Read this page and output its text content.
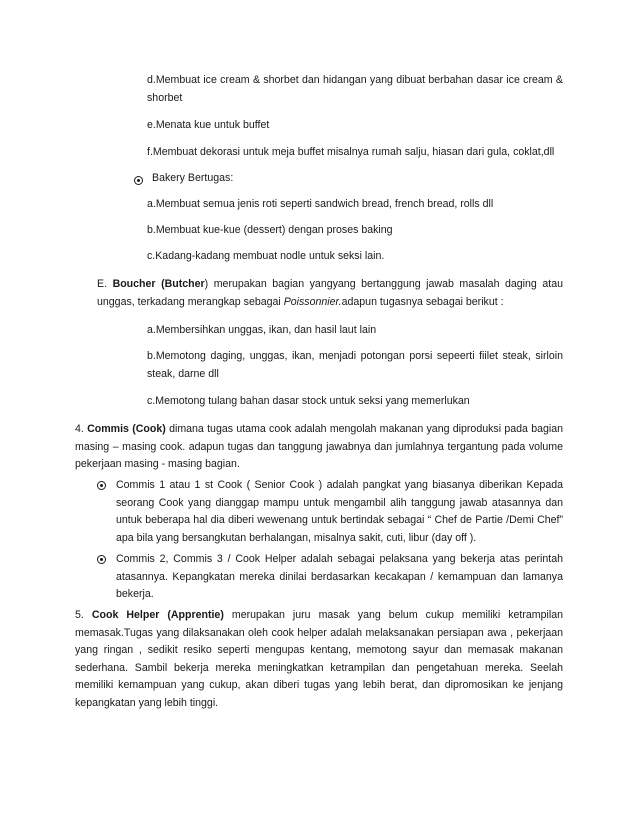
d.Membuat ice cream & shorbet dan hidangan yang dibuat berbahan dasar ice cream & shorbet

e.Menata kue untuk buffet

f.Membuat dekorasi untuk meja buffet misalnya rumah salju, hiasan dari gula, coklat,dll

Bakery Bertugas:

a.Membuat semua jenis roti seperti sandwich bread, french bread, rolls dll

b.Membuat kue-kue (dessert) dengan proses baking

c.Kadang-kadang membuat nodle untuk seksi lain.

E. Boucher (Butcher) merupakan bagian yangyang bertanggung jawab masalah daging atau unggas, terkadang merangkap sebagai Poissonnier.adapun tugasnya sebagai berikut :

a.Membersihkan unggas, ikan, dan hasil laut lain

b.Memotong daging, unggas, ikan, menjadi potongan porsi sepeerti fiilet steak, sirloin steak, darne dll

c.Memotong tulang bahan dasar stock untuk seksi yang memerlukan

4. Commis (Cook) dimana tugas utama cook adalah mengolah makanan yang diproduksi pada bagian masing – masing cook. adapun tugas dan tanggung jawabnya dan jumlahnya tergantung pada volume pekerjaan masing - masing bagian.

Commis 1 atau 1 st Cook ( Senior Cook ) adalah pangkat yang biasanya diberikan Kepada seorang Cook yang dianggap mampu untuk mengambil alih tanggung jawab atasannya dan untuk beberapa hal dia diberi wewenang untuk bertindak sebagai “ Chef de Partie /Demi Chef” apa bila yang bersangkutan berhalangan, misalnya sakit, cuti, libur (day off ).
Commis 2, Commis 3 / Cook Helper adalah sebagai pelaksana yang bekerja atas perintah atasannya. Kepangkatan mereka dinilai berdasarkan kecakapan / kemampuan dan lamanya bekerja.

5. Cook Helper (Apprentie) merupakan juru masak yang belum cukup memiliki ketrampilan memasak.Tugas yang dilaksanakan oleh cook helper adalah melaksanakan persiapan awa , pekerjaan yang ringan , sedikit resiko seperti mengupas kentang, memotong sayur dan memasak makanan sederhana. Sambil bekerja mereka meningkatkan ketrampilan dan pengetahuan mereka. Seelah memiliki kemampuan yang cukup, akan diberi tugas yang lebih berat, dan dipromosikan ke jenjang kepangkatan yang lebih tinggi.
